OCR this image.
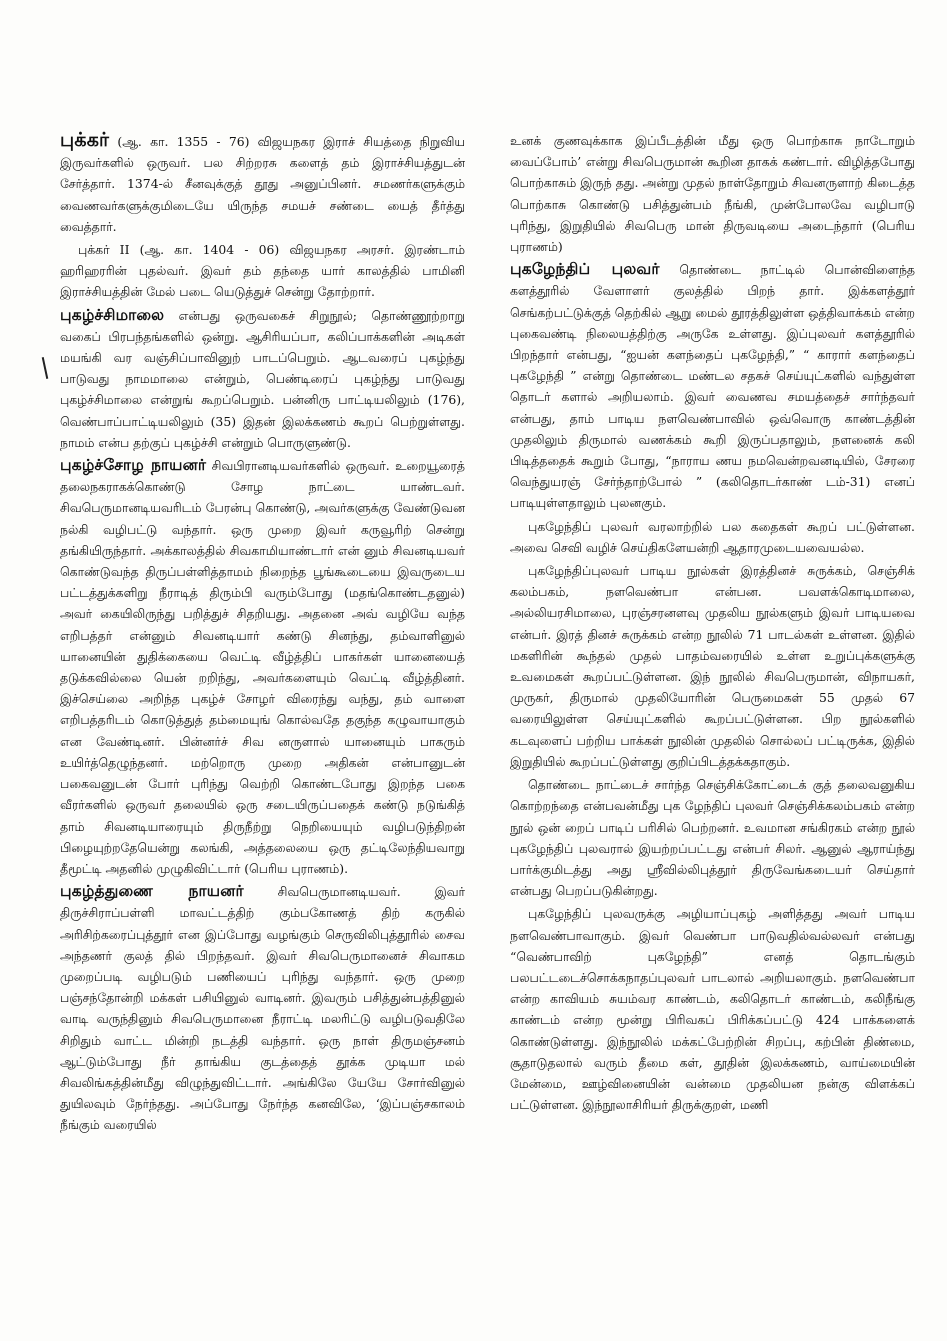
புக்கர் (ஆ. கா. 1355 - 76) விஜயநகர இராச் சியத்தை நிறுவிய இருவர்களில் ஒருவர். பல சிற்றரசு களைத் தம் இராச்சியத்துடன் சேர்த்தார். 1374-ல் சீனவுக்குத் தூது அனுப்பினர். சமணர்களுக்கும் வைணவர்களுக்குமிடையே யிருந்த சமயச் சண்டை யைத் தீர்த்து வைத்தார்.

புக்கர் II (ஆ. கா. 1404 - 06) விஜயநகர அரசர். இரண்டாம் ஹரிஹரரின் புதல்வர். இவர் தம் தந்தை யார் காலத்தில் பாமினி இராச்சியத்தின் மேல் படை யெடுத்துச் சென்று தோற்றார்.

புகழ்ச்சிமாலை என்பது ஒருவகைச் சிறுநூல்; தொண்ணூற்றாறு வகைப் பிரபந்தங்களில் ஒன்று. ஆசிரியப்பா, கலிப்பாக்களின் அடிகள் மயங்கி வர வஞ்சிப்பாவினுற் பாடப்பெறும். ஆடவரைப் புகழ்ந்து பாடுவது நாமமாலை என்றும், பெண்டிரைப் புகழ்ந்து பாடுவது புகழ்ச்சிமாலை என்றுங் கூறப்பெறும். பன்னிரு பாட்டியலிலும் (176), வெண்பாப்பாட்டியலிலும் (35) இதன் இலக்கணம் கூறப் பெற்றுள்ளது. நாமம் என்ப தற்குப் புகழ்ச்சி என்றும் பொருளுண்டு.

புகழ்ச்சோழ நாயனர் சிவபிரானடியவர்களில் ஒருவர். உறையூரைத் தலைநகராகக்கொண்டு சோழ	நாட்டை யாண்டவர். சிவபெருமானடியவரிடம் பேரன்பு கொண்டு, அவர்களுக்கு வேண்டுவன நல்கி வழிபட்டு வந்தார். ஒரு முறை இவர் கருவூரிற் சென்று தங்கியிருந்தார். அக்காலத்தில் சிவகாமியாண்டார் என் னும் சிவனடியவர் கொண்டுவந்த திருப்பள்ளித்தாமம் நிறைந்த பூங்கூடையை இவருடைய பட்டத்துக்களிறு நீராடித் திரும்பி வரும்போது (மதங்கொண்டதனுல்) அவர் கையிலிருந்து பறித்துச் சிதறியது. அதனை அவ் வழியே வந்த எறிபத்தர் என்னும் சிவனடியார் கண்டு சினந்து, தம்வாளினுல் யானையின் துதிக்கையை வெட்டி வீழ்த்திப் பாகர்கள் யானையைத் தடுக்கவில்லை யென் றறிந்து, அவர்களையும் வெட்டி வீழ்த்தினர். இச்செய்லை அறிந்த புகழ்ச் சோழர் விரைந்து வந்து, தம் வாளை எறிபத்தரிடம் கொடுத்துத் தம்மையுங் கொல்வதே தகுந்த கழுவாயாகும் என வேண்டினர். பின்னர்ச் சிவ னருளால் யானையும் பாகரும் உயிர்த்தெழுந்தனர். மற்றொரு முறை அதிகன் என்பானுடன் பகைவனுடன் போர் புரிந்து வெற்றி கொண்டபோது இறந்த பகை வீரர்களில் ஒருவர் தலையில் ஒரு சடையிருப்பதைக் கண்டு நடுங்கித் தாம் சிவனடியாரையும் திருநீற்று நெறியையும் வழிபடுந்திறன் பிழையுற்றதேயென்று கலங்கி, அத்தலையை ஒரு தட்டிலேந்தியவாறு தீமூட்டி அதனில் முழுகிவிட்டார் (பெரிய புராணம்).

புகழ்த்துணை நாயனர் சிவபெருமானடியவர்.	இவர் திருச்சிராப்பள்ளி மாவட்டத்திற் கும்பகோணத் திற் கருகில் அரிசிற்கரைப்புத்தூர் என இப்போது வழங்கும் செருவிலிபுத்தூரில் சைவ அந்தணர் குலத் தில் பிறந்தவர். இவர் சிவபெருமானைச் சிவாகம முறைப்படி வழிபடும் பணியைப் புரிந்து வந்தார். ஒரு முறை பஞ்சந்தோன்றி மக்கள் பசியினுல் வாடினர். இவரும் பசித்துன்பத்தினுல் வாடி வருந்தினும் சிவபெருமானை நீராட்டி மலரிட்டு வழிபடுவதிலே சிறிதும் வாட்ட மின்றி நடத்தி வந்தார். ஒரு நாள் திருமஞ்சனம் ஆட்டும்போது நீர் தாங்கிய குடத்தைத் தூக்க முடியா மல் சிவலிங்கத்தின்மீது விழுந்துவிட்டார். அங்கிலே யேயே சோர்வினுல் துயிலவும் நேர்ந்தது. அப்போது நேர்ந்த கனவிலே, ‘இப்பஞ்சகாலம் நீங்கும் வரையில்

உனக் குணவுக்காக இப்பீடத்தின் மீது ஒரு பொற்காசு நாடோறும் வைப்போம்’ என்று சிவபெருமான் கூறின தாகக் கண்டார். விழித்தபோது பொற்காசும் இருந் தது. அன்று முதல் நாள்தோறும் சிவனருளாற் கிடைத்த பொற்காசு கொண்டு பசித்துன்பம் நீங்கி, முன்போலவே வழிபாடு புரிந்து, இறுதியில் சிவபெரு மான் திருவடியை அடைந்தார் (பெரிய புராணம்)

புகழேந்திப் புலவர் தொண்டை நாட்டில் பொன்விளைந்த களத்தூரில் வேளாளர் குலத்தில் பிறந் தார். இக்களத்தூர் செங்கற்பட்டுக்குத் தெற்கில் ஆறு மைல் தூரத்திலுள்ள ஒத்திவாக்கம் என்ற புகைவண்டி நிலையத்திற்கு அருகே உள்ளது. இப்புலவர் களத்தூரில் பிறந்தார் என்பது, “ஐயன் களந்தைப் புகழேந்தி,” “ காரார் களந்தைப் புகழேந்தி ” என்று தொண்டை மண்டல சதகச் செய்யுட்களில் வந்துள்ள தொடர் களால் அறியலாம். இவர் வைணவ சமயத்தைச் சார்ந்தவர் என்பது, தாம் பாடிய நளவெண்பாவில் ஒவ்வொரு காண்டத்தின் முதலிலும் திருமால் வணக்கம் கூறி இருப்பதாலும், நளனைக் கலி பிடித்ததைக் கூறும் போது, “நாராய ணய நமவென்றவனடியில், சேரரை வெந்துயரஞ் சேர்ந்தாற்போல் ” (கலிதொடர்காண் டம்-31) எனப் பாடியுள்ளதாலும் புலனகும்.

புகழேந்திப் புலவர் வரலாற்றில் பல கதைகள் கூறப் பட்டுள்ளன. அவை செவி வழிச் செய்திகளேயன்றி ஆதாரமுடையவையல்ல.

புகழேந்திப்புலவர் பாடிய நூல்கள் இரத்தினச் சுருக்கம், செஞ்சிக் கலம்பகம், நளவெண்பா என்பன.	பவளக்கொடிமாலை, அல்லியரசிமாலை, புரஞ்சரனளவு முதலிய நூல்களும் இவர் பாடியவை என்பர். இரத் தினச் சுருக்கம் என்ற நூலில் 71 பாடல்கள் உள்ளன. இதில் மகளிரின் கூந்தல் முதல் பாதம்வரையில் உள்ள உறுப்புக்களுக்கு உவமைகள் கூறப்பட்டுள்ளன. இந் நூலில் சிவபெருமான், விநாயகர், முருகர், திருமால் முதலியோரின் பெருமைகள் 55 முதல் 67 வரையிலுள்ள செய்யுட்களில் கூறப்பட்டுள்ளன. பிற நூல்களில் கடவுளைப் பற்றிய பாக்கள் நூலின் முதலில் சொல்லப் பட்டிருக்க, இதில் இறுதியில் கூறப்பட்டுள்ளது குறிப்பிடத்தக்கதாகும்.

தொண்டை நாட்டைச் சார்ந்த செஞ்சிக்கோட்டைக் குத் தலைவனுகிய கொற்றந்தை என்பவன்மீது புக ழேந்திப் புலவர் செஞ்சிக்கலம்பகம் என்ற நூல் ஒன் றைப் பாடிப் பரிசில் பெற்றனர். உவமான சங்கிரகம் என்ற நூல் புகழேந்திப் புலவரால் இயற்றப்பட்டது என்பர் சிலர். ஆனுல் ஆராய்ந்து பார்க்குமிடத்து அது ஸ்ரீவில்லிபுத்தூர் திருவேங்கடையர் செய்தார் என்பது பெறப்படுகின்றது.

புகழேந்திப் புலவருக்கு அழியாப்புகழ் அளித்தது அவர் பாடிய நளவெண்பாவாகும். இவர் வெண்பா பாடுவதில்வல்லவர் என்பது “வெண்பாவிற் புகழேந்தி”	எனத் தொடங்கும் பலபட்டடைச்சொக்கநாதப்புலவர் பாடலால் அறியலாகும். நளவெண்பா என்ற காவியம் சுயம்வர காண்டம், கலிதொடர் காண்டம், கலிநீங்கு காண்டம் என்ற மூன்று பிரிவகப் பிரிக்கப்பட்டு 424 பாக்களைக் கொண்டுள்ளது. இந்நூலில் மக்கட்பேற்றின் சிறப்பு, கற்பின் திண்மை, சூதாடுதலால் வரும் தீமை கள், தூதின் இலக்கணம், வாய்மையின் மேன்மை, ஊழ்வினையின் வன்மை முதலியன நன்கு விளக்கப் பட்டுள்ளன. இந்நூலாசிரியர் திருக்குறள், மணி
